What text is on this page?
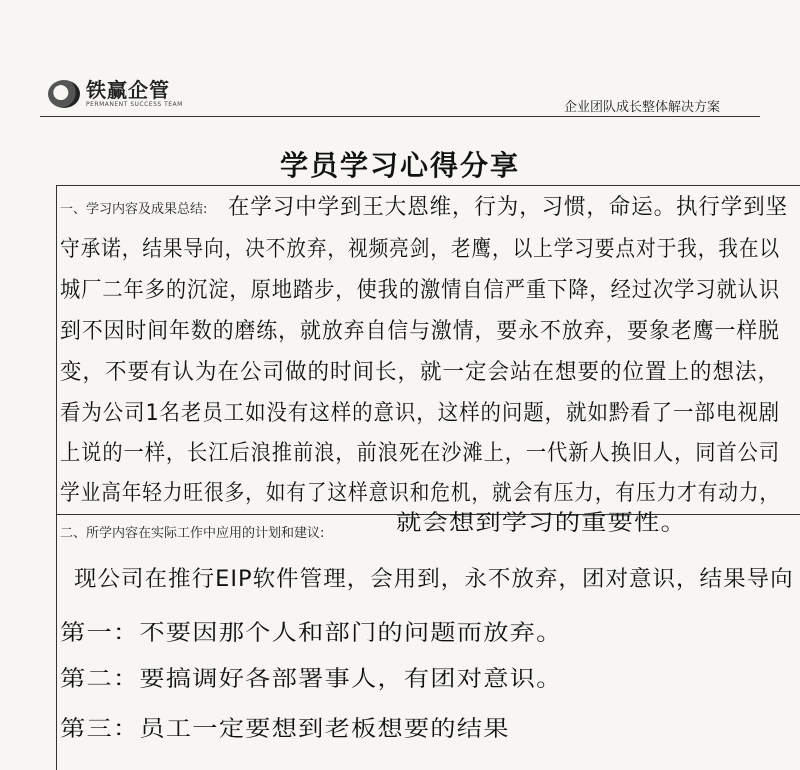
铁赢企管
PERMANENT SUCCESS TEAM	企业团队成长整体解决方案
学员学习心得分享
一、学习内容及成果总结: 在学习中学到王大恩维，行为，习惯，命运。执行学到坚
守承诺，结果导向，决不放弃，视频亮剑，老鹰，以上学习要点对于我，我在以
城厂二年多的沉淀，原地踏步，使我的激情自信严重下降，经过次学习就认识
到不因时间年数的磨练，就放弃自信与激情，要永不放弃，要象老鹰一样脱
变，不要有认为在公司做的时间长，就一定会站在想要的位置上的想法，
看为公司1名老员工如没有这样的意识，这样的问题，就如黔看了一部电视剧
上说的一样，长江后浪推前浪，前浪死在沙滩上，一代新人换旧人，同首公司
学业高年轻力旺很多，如有了这样意识和危机，就会有压力，有压力才有动力，
二、所学内容在实际工作中应用的计划和建议:	就会想到学习的重要性。
现公司在推行EIP软件管理，会用到，永不放弃，团对意识，结果导向
第一：不要因那个人和部门的问题而放弃。
第二：要搞调好各部署事人，有团对意识。
第三：员工一定要想到老板想要的结果
